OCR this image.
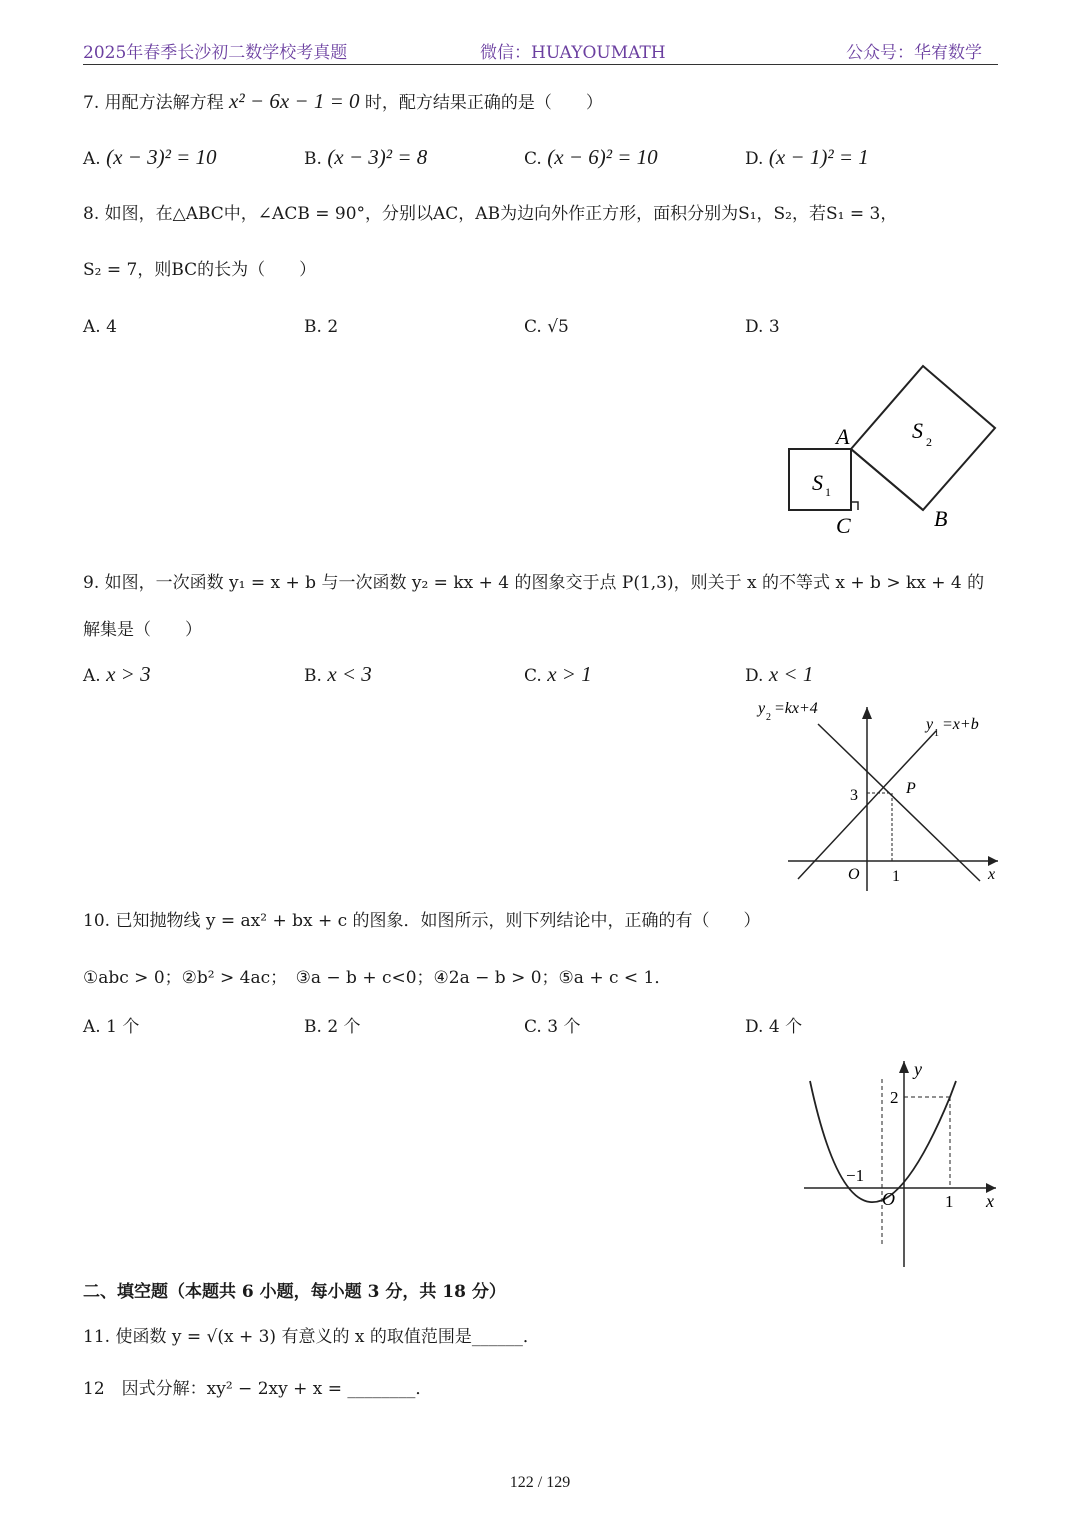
2025年春季长沙初二数学校考真题	微信：HUAYOUMATH	公众号：华宥数学
7. 用配方法解方程 x² − 6x − 1 = 0 时，配方结果正确的是（　　）
A. (x − 3)² = 10	B. (x − 3)² = 8	C. (x − 6)² = 10	D. (x − 1)² = 1
8. 如图，在△ABC中，∠ACB = 90°，分别以AC，AB为边向外作正方形，面积分别为S₁，S₂，若S₁ = 3，
S₂ = 7，则BC的长为（　　）
A. 4	B. 2	C. √5	D. 3
A
C	B
S 1
S 2
9. 如图，一次函数 y₁ = x + b 与一次函数 y₂ = kx + 4 的图象交于点 P(1,3)，则关于 x 的不等式 x + b > kx + 4 的
解集是（　　）
A. x > 3	B. x < 3	C. x > 1	D. x < 1
y
2
=kx+4
y
1
=x+b
P
3
O 1	x
10. 已知抛物线 y = ax² + bx + c 的图象．如图所示，则下列结论中，正确的有（　　）
①abc > 0；②b² > 4ac；　③a − b + c<0；④2a − b > 0；⑤a + c < 1．
A. 1 个	B. 2 个	C. 3 个	D. 4 个
y
2
−1
O	1 x
二、填空题（本题共 6 小题，每小题 3 分，共 18 分）
11. 使函数 y = √(x + 3) 有意义的 x 的取值范围是______．
12　 因式分解：xy² − 2xy + x = ________．
122 / 129
